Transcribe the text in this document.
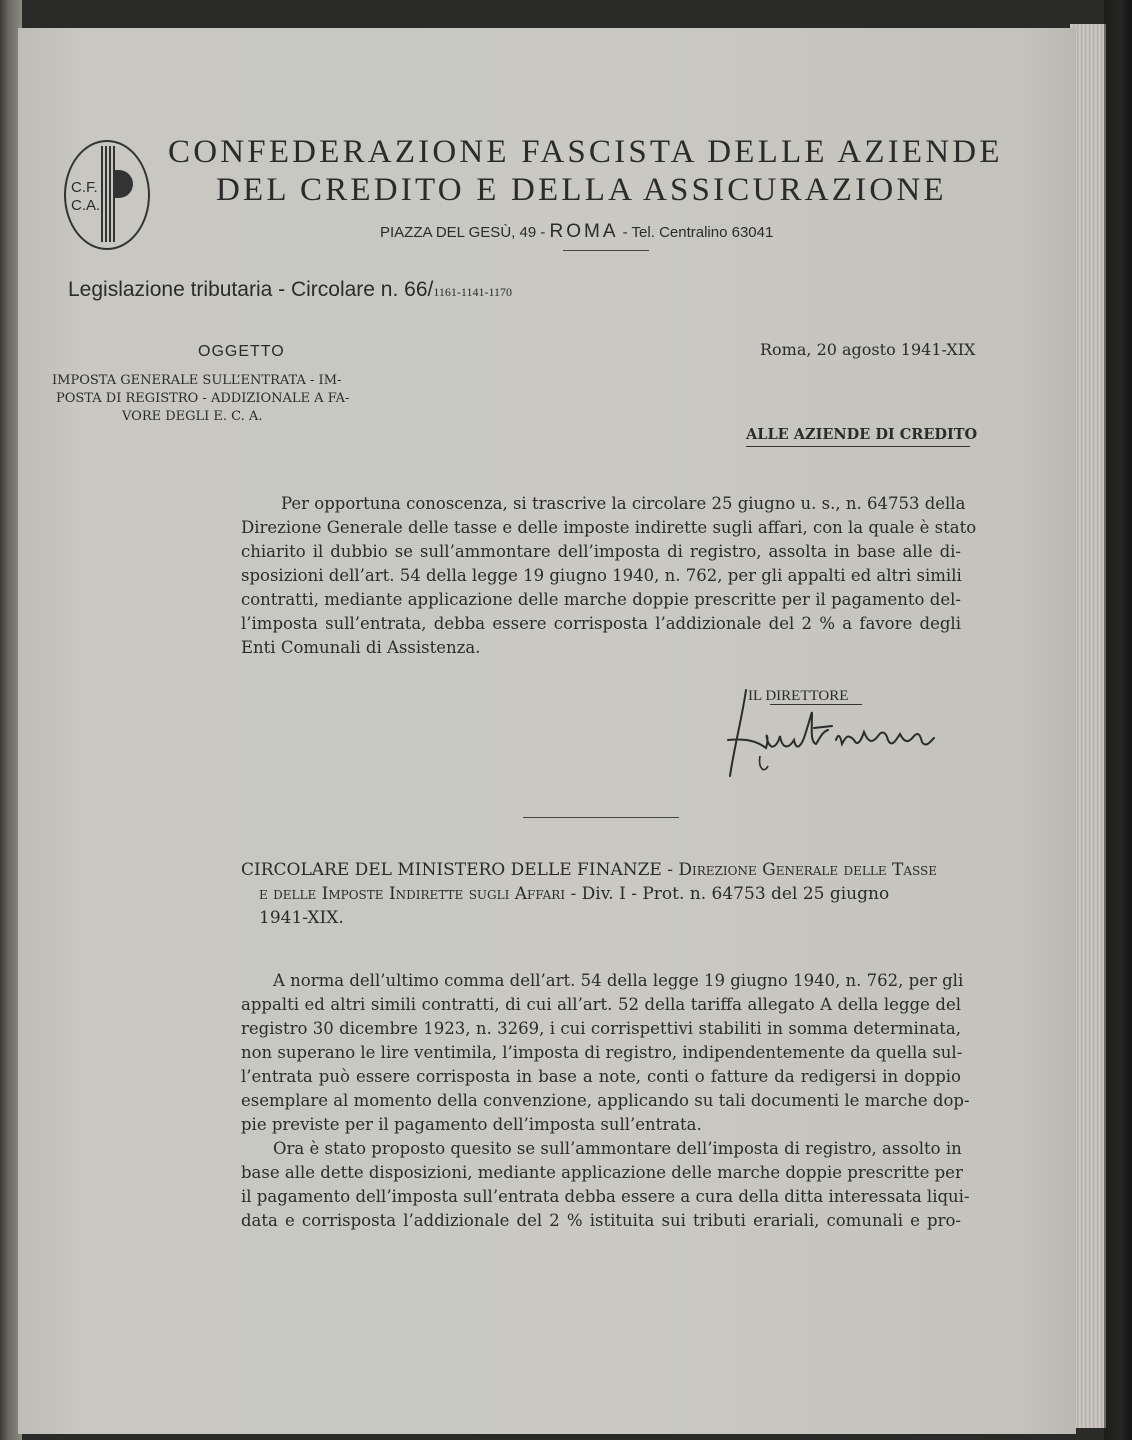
C.F.
C.A.
CONFEDERAZIONE FASCISTA DELLE AZIENDE
DEL CREDITO E DELLA ASSICURAZIONE
PIAZZA DEL GESÙ, 49 - ROMA - Tel. Centralino 63041
Legislazione tributaria - Circolare n. 66/1161-1141-1170
OGGETTO
IMPOSTA GENERALE SULL’ENTRATA - IM-
POSTA DI REGISTRO - ADDIZIONALE A FA-
VORE DEGLI E. C. A.
Roma, 20 agosto 1941-XIX
ALLE AZIENDE DI CREDITO
Per opportuna conoscenza, si trascrive la circolare 25 giugno u. s., n. 64753 della
Direzione Generale delle tasse e delle imposte indirette sugli affari, con la quale è stato
chiarito il dubbio se sull’ammontare dell’imposta di registro, assolta in base alle di-
sposizioni dell’art. 54 della legge 19 giugno 1940, n. 762, per gli appalti ed altri simili
contratti, mediante applicazione delle marche doppie prescritte per il pagamento del-
l’imposta sull’entrata, debba essere corrisposta l’addizionale del 2 % a favore degli
Enti Comunali di Assistenza.
IL DIRETTORE
CIRCOLARE DEL MINISTERO DELLE FINANZE - Direzione Generale delle Tasse
e delle Imposte Indirette sugli Affari - Div. I - Prot. n. 64753 del 25 giugno
1941-XIX.
A norma dell’ultimo comma dell’art. 54 della legge 19 giugno 1940, n. 762, per gli
appalti ed altri simili contratti, di cui all’art. 52 della tariffa allegato A della legge del
registro 30 dicembre 1923, n. 3269, i cui corrispettivi stabiliti in somma determinata,
non superano le lire ventimila, l’imposta di registro, indipendentemente da quella sul-
l’entrata può essere corrisposta in base a note, conti o fatture da redigersi in doppio
esemplare al momento della convenzione, applicando su tali documenti le marche dop-
pie previste per il pagamento dell’imposta sull’entrata.
Ora è stato proposto quesito se sull’ammontare dell’imposta di registro, assolto in
base alle dette disposizioni, mediante applicazione delle marche doppie prescritte per
il pagamento dell’imposta sull’entrata debba essere a cura della ditta interessata liqui-
data e corrisposta l’addizionale del 2 % istituita sui tributi erariali, comunali e pro-
